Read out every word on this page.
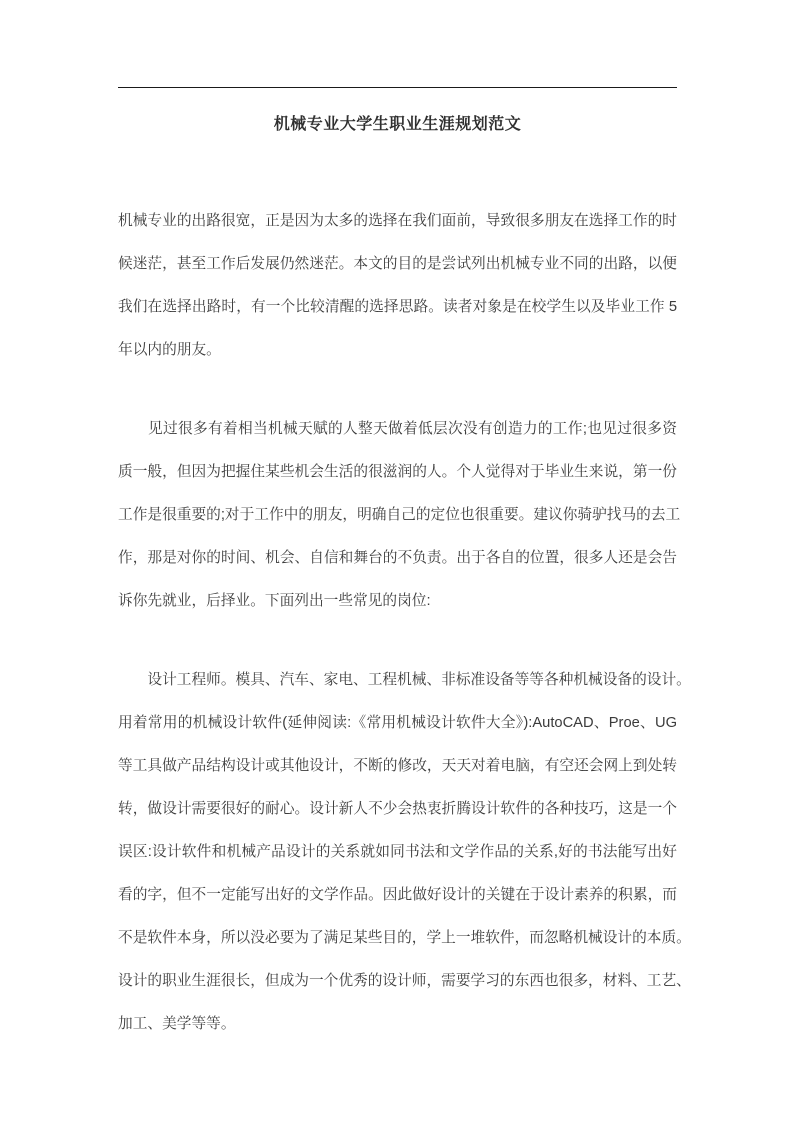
机械专业大学生职业生涯规划范文

机械专业的出路很宽，正是因为太多的选择在我们面前，导致很多朋友在选择工作的时
候迷茫，甚至工作后发展仍然迷茫。本文的目的是尝试列出机械专业不同的出路，以便
我们在选择出路时，有一个比较清醒的选择思路。读者对象是在校学生以及毕业工作 5
年以内的朋友。

　　见过很多有着相当机械天赋的人整天做着低层次没有创造力的工作;也见过很多资
质一般，但因为把握住某些机会生活的很滋润的人。个人觉得对于毕业生来说，第一份
工作是很重要的;对于工作中的朋友，明确自己的定位也很重要。建议你骑驴找马的去工
作，那是对你的时间、机会、自信和舞台的不负责。出于各自的位置，很多人还是会告
诉你先就业，后择业。下面列出一些常见的岗位:

　　设计工程师。模具、汽车、家电、工程机械、非标准设备等等各种机械设备的设计。
用着常用的机械设计软件(延伸阅读:《常用机械设计软件大全》):AutoCAD、Proe、UG
等工具做产品结构设计或其他设计，不断的修改，天天对着电脑，有空还会网上到处转
转，做设计需要很好的耐心。设计新人不少会热衷折腾设计软件的各种技巧，这是一个
误区:设计软件和机械产品设计的关系就如同书法和文学作品的关系,好的书法能写出好
看的字，但不一定能写出好的文学作品。因此做好设计的关键在于设计素养的积累，而
不是软件本身，所以没必要为了满足某些目的，学上一堆软件，而忽略机械设计的本质。
设计的职业生涯很长，但成为一个优秀的设计师，需要学习的东西也很多，材料、工艺、
加工、美学等等。
